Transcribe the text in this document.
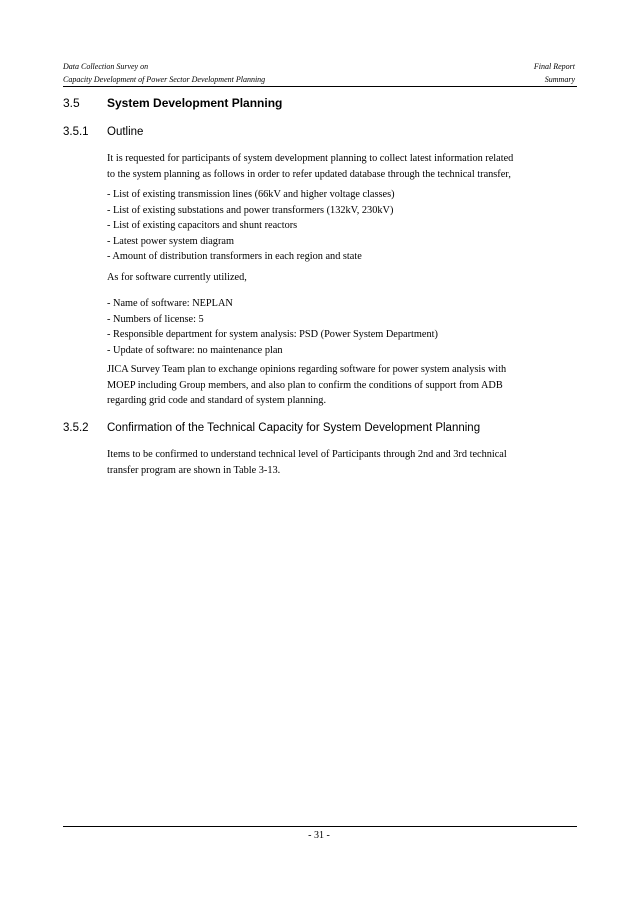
Data Collection Survey on	Final Report
Capacity Development of Power Sector Development Planning	Summary
3.5 System Development Planning
3.5.1 Outline
It is requested for participants of system development planning to collect latest information related
to the system planning as follows in order to refer updated database through the technical transfer,
- List of existing transmission lines (66kV and higher voltage classes)
- List of existing substations and power transformers (132kV, 230kV)
- List of existing capacitors and shunt reactors
- Latest power system diagram
- Amount of distribution transformers in each region and state
As for software currently utilized,
- Name of software: NEPLAN
- Numbers of license: 5
- Responsible department for system analysis: PSD (Power System Department)
- Update of software: no maintenance plan
JICA Survey Team plan to exchange opinions regarding software for power system analysis with
MOEP including Group members, and also plan to confirm the conditions of support from ADB
regarding grid code and standard of system planning.
3.5.2 Confirmation of the Technical Capacity for System Development Planning
Items to be confirmed to understand technical level of Participants through 2nd and 3rd technical
transfer program are shown in Table 3-13.
- 31 -
